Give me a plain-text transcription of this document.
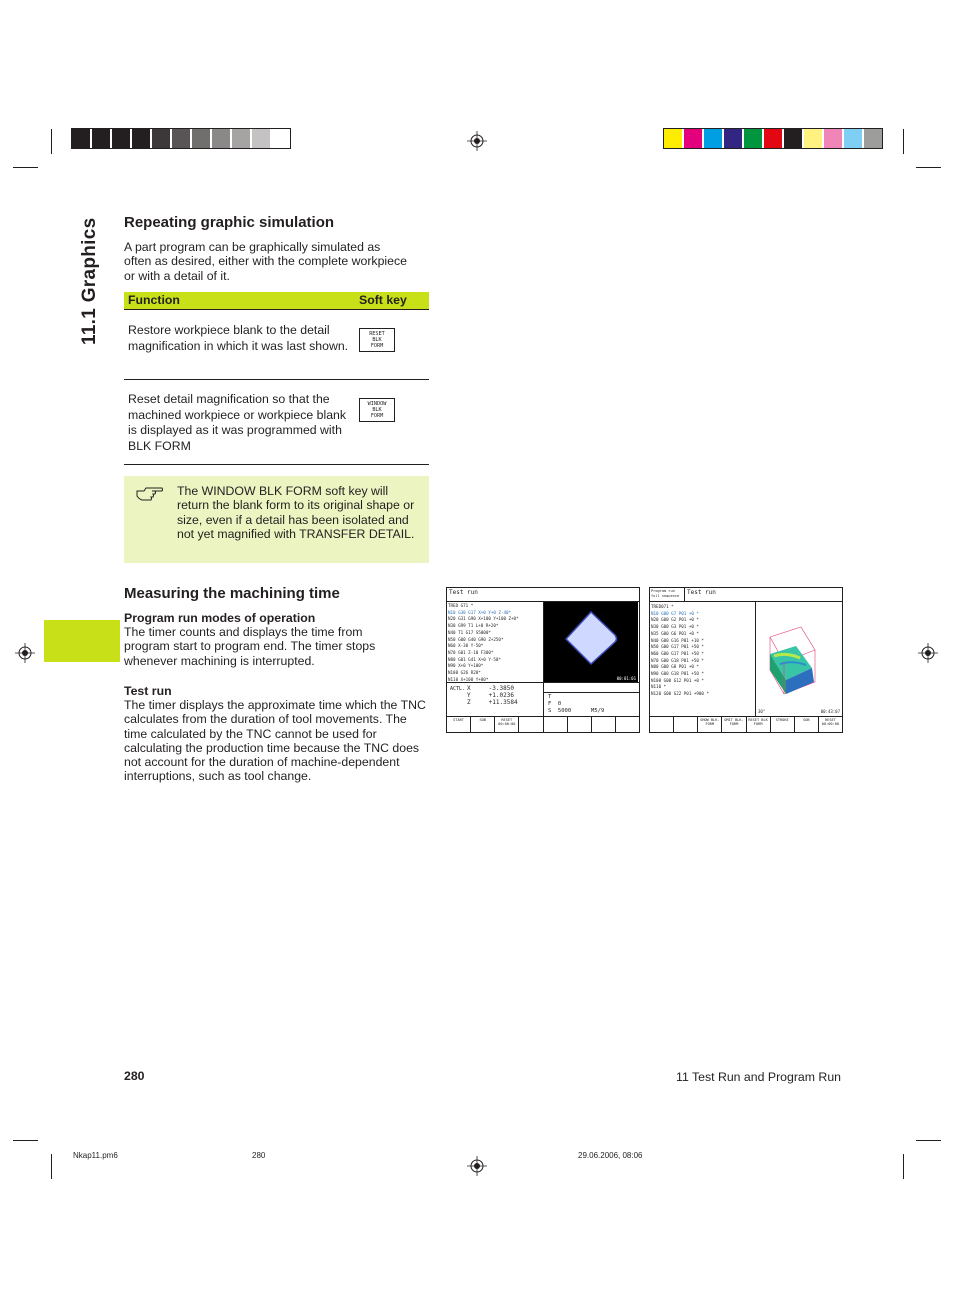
11.1 Graphics Repeating graphic simulation
A part program can be graphically simulated as often as desired, either with the complete workpiece or with a detail of it.
Function	Soft key
Restore workpiece blank to the detail magnification in which it was last shown.
RESET
BLK
FORM
Reset detail magnification so that the machined workpiece or workpiece blank is displayed as it was programmed with BLK FORM
WINDOW
BLK
FORM
The WINDOW BLK FORM soft key will return the blank form to its original shape or size, even if a detail has been isolated and not yet magnified with TRANSFER DETAIL.
Measuring the machining time
Program run modes of operation
The timer counts and displays the time from program start to program end. The timer stops whenever machining is interrupted.
Test run
The timer displays the approximate time which the TNC calculates from the duration of tool movements. The time calculated by the TNC cannot be used for calculating the production time because the TNC does not account for the duration of machine-dependent interruptions, such as tool change.
Test run
TRED G71 *
N10 G30 G17 X+0 Y+0 Z-40*
N20 G31 G90 X+100 Y+100 Z+0*
N30 G99 T1 L+0 R+20*
N40 T1 G17 S5000*
N50 G00 G40 G90 Z+250*
N60 X-30 Y-50*
N70 G01 Z-10 F300*
N80 G01 G41 X+0 Y-50*
N90 X+0 Y+100*
N100 G26 R20*
N110 X+100 Y+80*	00:01:01
ACTL. X     -3.3850
Y     +1.0236
Z     +11.3584
T
F  0
S  5000      M5/9
START	SOB	RESET 00:00:00
Program run full sequence	Test run
TRED071 *
N10 G00 G7 P01 +0 *
N20 G00 G2 P01 +0 *
N30 G00 G3 P01 +0 *
N35 G00 G6 P01 +0 *
N40 G00 G16 P01 +10 *
N50 G00 G17 P01 +50 *
N60 G00 G17 P01 +50 *
N70 G00 G18 P01 +50 *
N80 G00 G8 P01 +0 *
N90 G00 G18 P01 +50 *
N100 G00 G12 P01 +0 *
N110 *
N120 G00 G22 P01 +900 *
30°	00:43:07
SHOW BLK-FORM
OMIT BLK-FORM
RESET BLK FORM
STROKE	SOB	RESET 00:00:00
280	11 Test Run and Program Run
Nkap11.pm6	280	29.06.2006, 08:06
